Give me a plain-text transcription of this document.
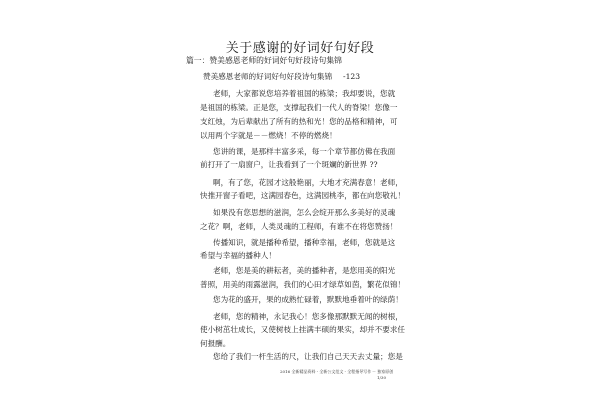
关于感谢的好词好句好段
篇一：赞美感恩老师的好词好句好段诗句集锦
赞美感恩老师的好词好句好段诗句集锦 -123
老师，大家都说您培养着祖国的栋梁；我却要说，您就
是祖国的栋梁。正是您，支撑起我们一代人的脊梁！您像一
支红烛，为后辈献出了所有的热和光！您的品格和精神，可
以用两个字就是－－燃烧！不停的燃烧！
您讲的课，是那样丰富多采，每一个章节都仿佛在我面
前打开了一扇窗户，让我看到了一个斑斓的新世界 ??
啊，有了您，花园才这般艳丽，大地才充满春意！老师，
快推开窗子看吧，这满园春色，这满园桃李，都在向您敬礼！
如果没有您思想的滋润，怎么会绽开那么多美好的灵魂
之花？啊，老师，人类灵魂的工程师，有谁不在将您赞扬！
传播知识，就是播种希望，播种幸福，老师，您就是这
希望与幸福的播种人！
老师，您是美的耕耘者，美的播种者，是您用美的阳光
普照，用美的雨露滋润，我们的心田才绿草如茵，繁花似锦！
您为花的盛开，果的成熟忙碌着，默默地垂着叶的绿荫！
老师，您的精神，永记我心！您多像那默默无闻的树根，
使小树茁壮成长，又使树枝上挂满丰硕的果实，却并不要求任
何报酬。
您给了我们一杆生活的尺，让我们自己天天去丈量；您是
2016 全新精品资料 - 全新公文范文 - 全程指导写作 － 独家原创
1/30
